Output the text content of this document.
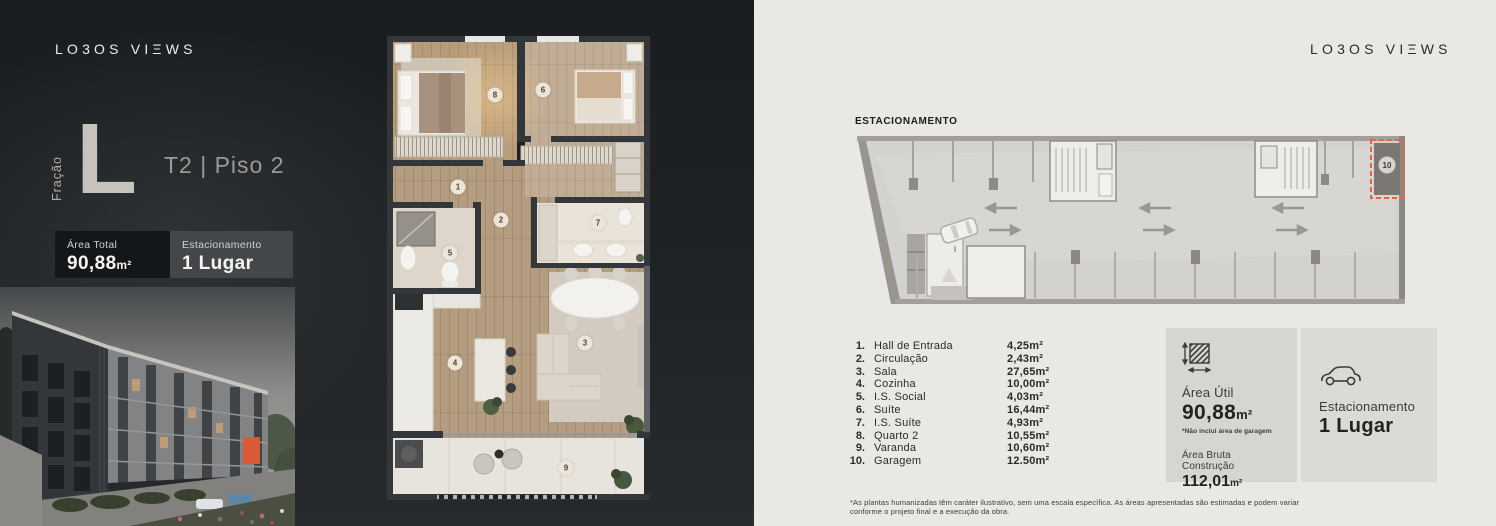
LO3OS VIΞWS
Fração L T2 | Piso 2
Área Total
90,88m²
Estacionamento
1 Lugar
1
2
3
4
5
6
7
8
9
LO3OS VIΞWS
ESTACIONAMENTO
10
1. Hall de Entrada	4,25m²
2. Circulação	2,43m²
3. Sala	27,65m²
4. Cozinha	10,00m²
5. I.S. Social	4,03m²
6. Suíte	16,44m²
7. I.S. Suíte	4,93m²
8. Quarto 2	10,55m²
9. Varanda	10,60m²
10. Garagem	12.50m²
Área Útil
90,88m²
*Não inclui área de garagem
Área Bruta Construção
112,01m²
Estacionamento
1 Lugar
*As plantas humanizadas têm caráter ilustrativo, sem uma escala específica. As áreas apresentadas são estimadas e podem variar conforme o projeto final e a execução da obra.
